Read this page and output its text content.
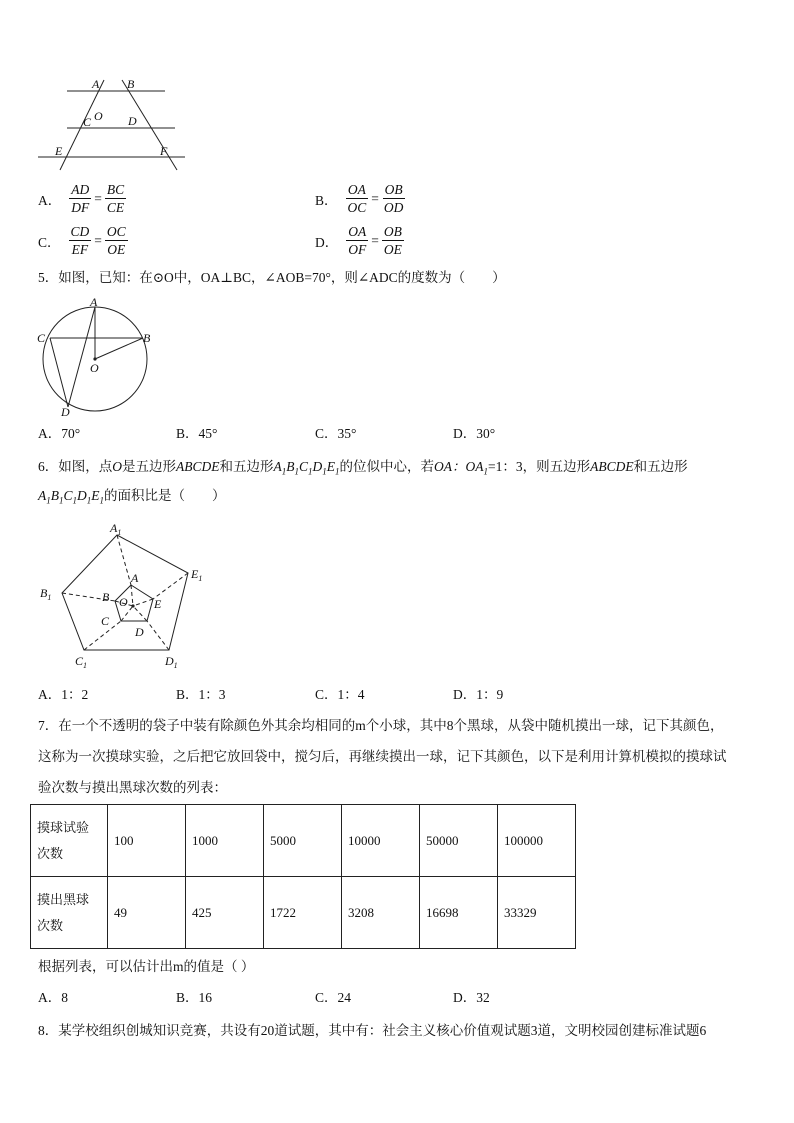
A B
C O D
E	F
A． $\frac{AD}{DF} = \frac{BC}{CE}$	B． $\frac{OA}{OC} = \frac{OB}{OD}$
C． $\frac{CD}{EF} = \frac{OC}{OE}$	D． $\frac{OA}{OF} = \frac{OB}{OE}$
5．如图，已知：在⊙O中，OA⊥BC，∠AOB=70°，则∠ADC的度数为（　　）
A
C	B
O
D
A．70°	B．45°	C．35°	D．30°
6．如图，点O是五边形ABCDE和五边形$A_1B_1C_1D_1E_1$的位似中心，若OA：$OA_1=1$：3，则五边形ABCDE和五边形
$A_1B_1C_1D_1E_1$的面积比是（　　）
$A_1$
$E_1$
$B_1$
A
B O E
C
D
$C_1$	$D_1$
A．1：2	B．1：3	C．1：4	D．1：9
7．在一个不透明的袋子中装有除颜色外其余均相同的m个小球，其中8个黑球，从袋中随机摸出一球，记下其颜色，
这称为一次摸球实验，之后把它放回袋中，搅匀后，再继续摸出一球，记下其颜色，以下是利用计算机模拟的摸球试
验次数与摸出黑球次数的列表：
摸球试验
次数	100	1000	5000	10000	50000	100000
摸出黑球
次数	49	425	1722	3208	16698	33329
根据列表，可以估计出m的值是（ ）
A．8	B．16	C．24	D．32
8．某学校组织创城知识竞赛，共设有20道试题，其中有：社会主义核心价值观试题3道，文明校园创建标准试题6
